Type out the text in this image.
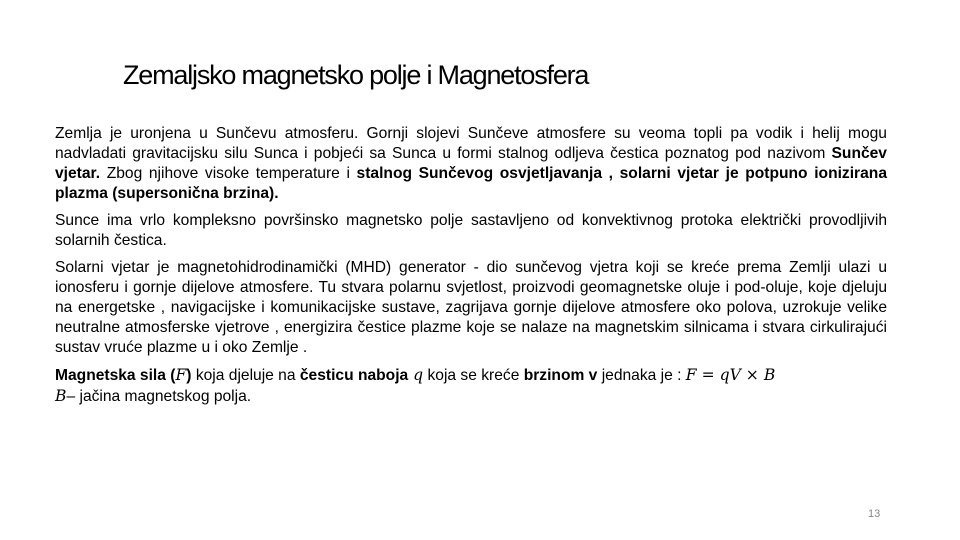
Zemaljsko magnetsko polje i Magnetosfera

Zemlja je uronjena u Sunčevu atmosferu. Gornji slojevi Sunčeve atmosfere su veoma topli pa vodik i helij mogu nadvladati gravitacijsku silu Sunca i pobjeći sa Sunca u formi stalnog odljeva čestica poznatog pod nazivom Sunčev vjetar. Zbog njihove visoke temperature i stalnog Sunčevog osvjetljavanja , solarni vjetar je potpuno ionizirana plazma (supersonična brzina).

Sunce ima vrlo kompleksno površinsko magnetsko polje sastavljeno od konvektivnog protoka električki provodljivih solarnih čestica.

Solarni vjetar je magnetohidrodinamički (MHD) generator - dio sunčevog vjetra koji se kreće prema Zemlji ulazi u ionosferu i gornje dijelove atmosfere. Tu stvara polarnu svjetlost, proizvodi geomagnetske oluje i pod-oluje, koje djeluju na energetske , navigacijske i komunikacijske sustave, zagrijava gornje dijelove atmosfere oko polova, uzrokuje velike neutralne atmosferske vjetrove , energizira čestice plazme koje se nalaze na magnetskim silnicama i stvara cirkulirajući sustav vruće plazme u i oko Zemlje .

Magnetska sila (F) koja djeluje na česticu naboja q koja se kreće brzinom v jednaka je : F = qV × B
B– jačina magnetskog polja.

13
